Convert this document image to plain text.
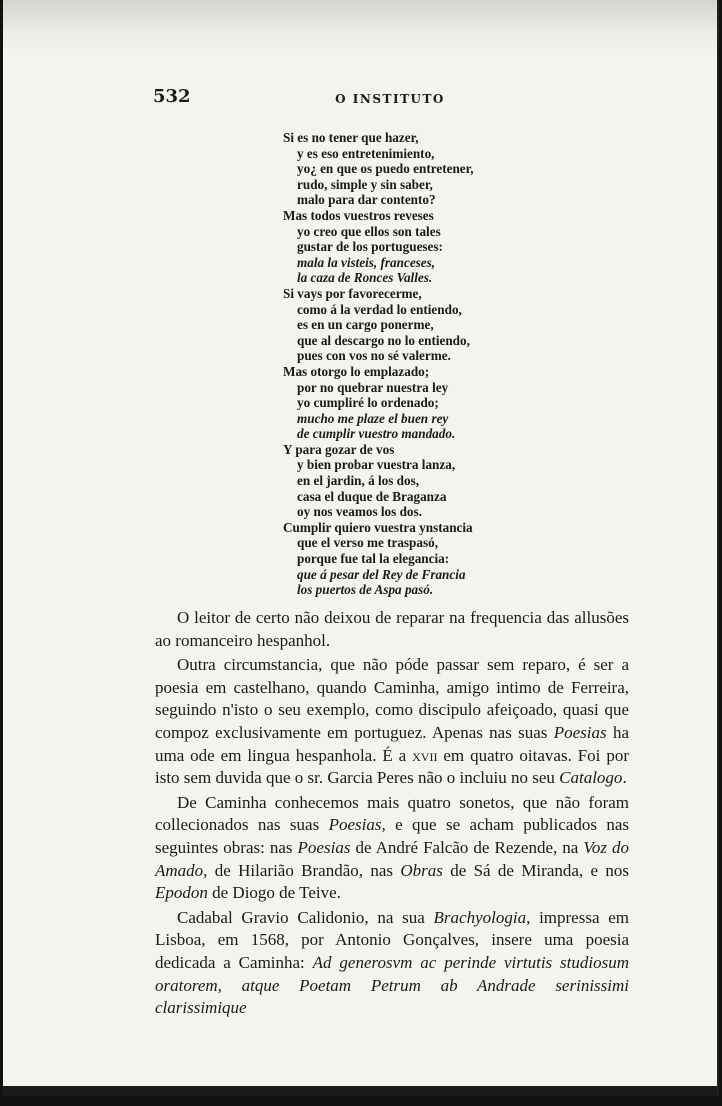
532	O INSTITUTO
Si es no tener que hazer,
y es eso entretenimiento,
yo¿ en que os puedo entretener,
rudo, simple y sin saber,
malo para dar contento?
Mas todos vuestros reveses
yo creo que ellos son tales
gustar de los portugueses:
mala la visteis, franceses,
la caza de Ronces Valles.
Si vays por favorecerme,
como á la verdad lo entiendo,
es en un cargo ponerme,
que al descargo no lo entiendo,
pues con vos no sé valerme.
Mas otorgo lo emplazado;
por no quebrar nuestra ley
yo cumpliré lo ordenado;
mucho me plaze el buen rey
de cumplir vuestro mandado.
Y para gozar de vos
y bien probar vuestra lanza,
en el jardin, á los dos,
casa el duque de Braganza
oy nos veamos los dos.
Cumplir quiero vuestra ynstancia
que el verso me traspasó,
porque fue tal la elegancia:
que á pesar del Rey de Francia
los puertos de Aspa pasó.

O leitor de certo não deixou de reparar na frequencia das allusões ao romanceiro hespanhol.

Outra circumstancia, que não póde passar sem reparo, é ser a poesia em castelhano, quando Caminha, amigo intimo de Ferreira, seguindo n'isto o seu exemplo, como discipulo afeiçoado, quasi que compoz exclusivamente em portuguez. Apenas nas suas Poesias ha uma ode em lingua hespanhola. É a xvii em quatro oitavas. Foi por isto sem duvida que o sr. Garcia Peres não o incluiu no seu Catalogo.

De Caminha conhecemos mais quatro sonetos, que não foram collecionados nas suas Poesias, e que se acham publicados nas seguintes obras: nas Poesias de André Falcão de Rezende, na Voz do Amado, de Hilarião Brandão, nas Obras de Sá de Miranda, e nos Epodon de Diogo de Teive.

Cadabal Gravio Calidonio, na sua Brachyologia, impressa em Lisboa, em 1568, por Antonio Gonçalves, insere uma poesia dedicada a Caminha: Ad generosvm ac perinde virtutis studiosum oratorem, atque Poetam Petrum ab Andrade serinissimi clarissimique
